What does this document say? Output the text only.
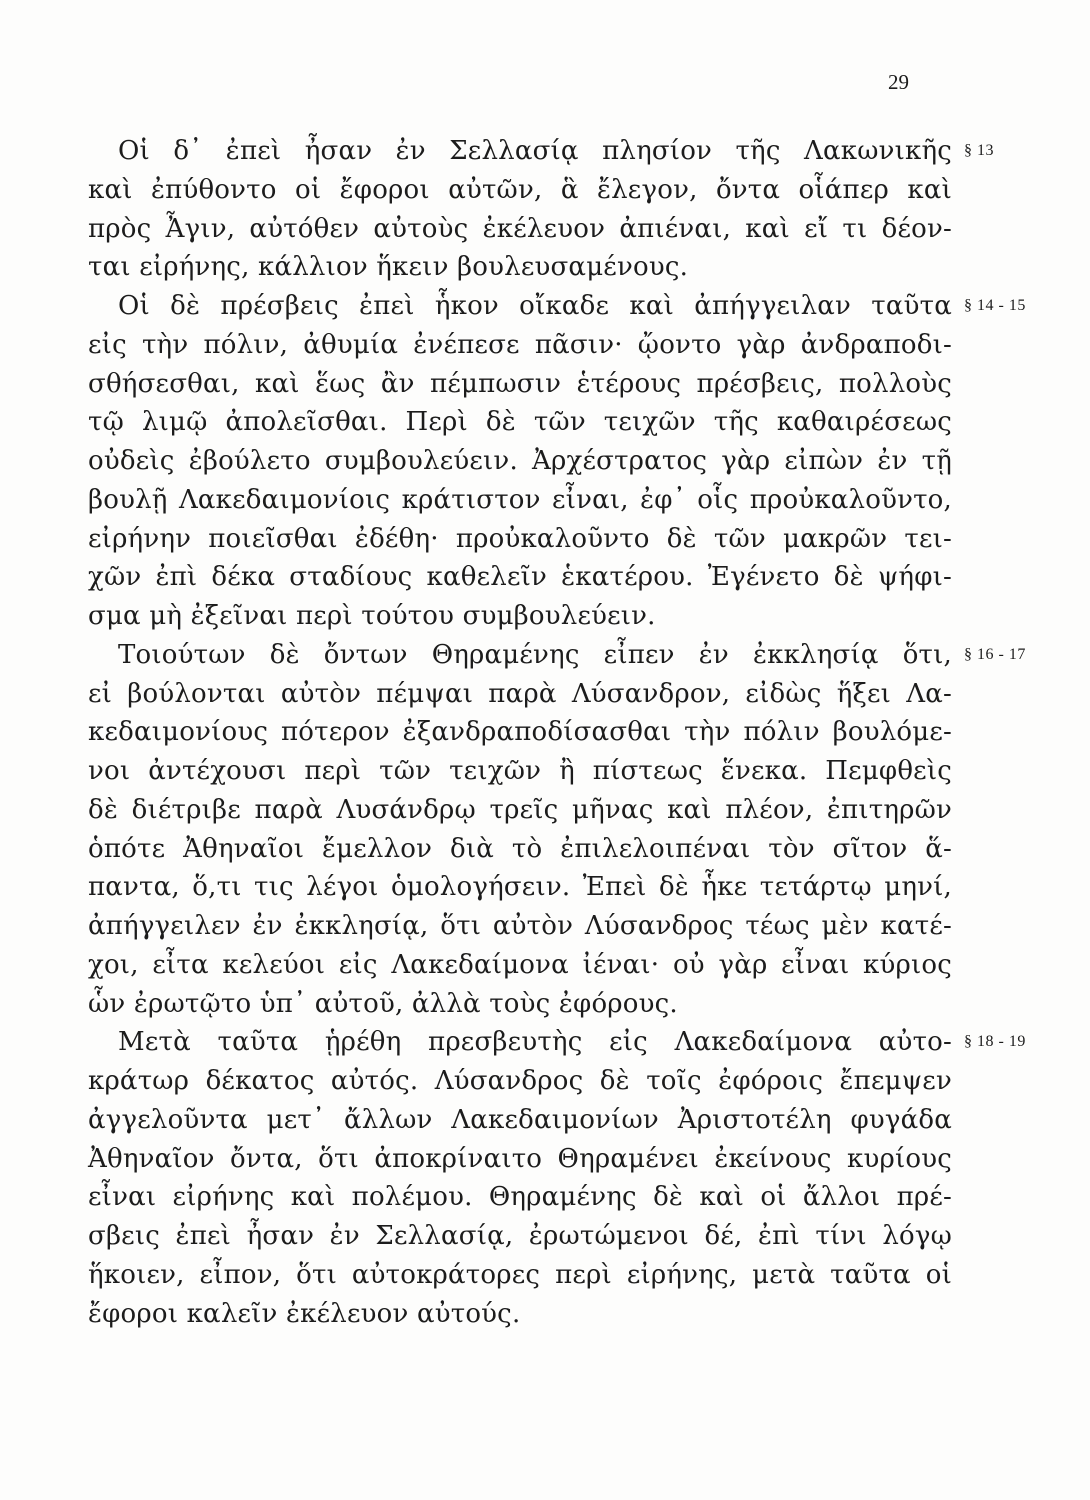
29
Οἱ δ᾽ ἐπεὶ ἦσαν ἐν Σελλασίᾳ πλησίον τῆς Λακωνικῆς § 13
καὶ ἐπύθοντο οἱ ἔφοροι αὐτῶν, ἃ ἔλεγον, ὄντα οἷάπερ καὶ
πρὸς Ἆγιν, αὐτόθεν αὐτοὺς ἐκέλευον ἀπιέναι, καὶ εἴ τι δέον-
ται εἰρήνης, κάλλιον ἥκειν βουλευσαμένους.
Οἱ δὲ πρέσβεις ἐπεὶ ἧκον οἴκαδε καὶ ἀπήγγειλαν ταῦτα § 14 - 15
εἰς τὴν πόλιν, ἀθυμία ἐνέπεσε πᾶσιν· ᾤοντο γὰρ ἀνδραποδι-
σθήσεσθαι, καὶ ἕως ἂν πέμπωσιν ἑτέρους πρέσβεις, πολλοὺς
τῷ λιμῷ ἀπολεῖσθαι. Περὶ δὲ τῶν τειχῶν τῆς καθαιρέσεως
οὐδεὶς ἐβούλετο συμβουλεύειν. Ἀρχέστρατος γὰρ εἰπὼν ἐν τῇ
βουλῇ Λακεδαιμονίοις κράτιστον εἶναι, ἐφ᾽ οἷς προὐκαλοῦντο,
εἰρήνην ποιεῖσθαι ἐδέθη· προὐκαλοῦντο δὲ τῶν μακρῶν τει-
χῶν ἐπὶ δέκα σταδίους καθελεῖν ἑκατέρου. Ἐγένετο δὲ ψήφι-
σμα μὴ ἐξεῖναι περὶ τούτου συμβουλεύειν.
Τοιούτων δὲ ὄντων Θηραμένης εἶπεν ἐν ἐκκλησίᾳ ὅτι, § 16 - 17
εἰ βούλονται αὐτὸν πέμψαι παρὰ Λύσανδρον, εἰδὼς ἥξει Λα-
κεδαιμονίους πότερον ἐξανδραποδίσασθαι τὴν πόλιν βουλόμε-
νοι ἀντέχουσι περὶ τῶν τειχῶν ἢ πίστεως ἕνεκα. Πεμφθεὶς
δὲ διέτριβε παρὰ Λυσάνδρῳ τρεῖς μῆνας καὶ πλέον, ἐπιτηρῶν
ὁπότε Ἀθηναῖοι ἔμελλον διὰ τὸ ἐπιλελοιπέναι τὸν σῖτον ἅ-
παντα, ὅ,τι τις λέγοι ὁμολογήσειν. Ἐπεὶ δὲ ἧκε τετάρτῳ μηνί,
ἀπήγγειλεν ἐν ἐκκλησίᾳ, ὅτι αὐτὸν Λύσανδρος τέως μὲν κατέ-
χοι, εἶτα κελεύοι εἰς Λακεδαίμονα ἰέναι· οὐ γὰρ εἶναι κύριος
ὧν ἐρωτῷτο ὑπ᾽ αὐτοῦ, ἀλλὰ τοὺς ἐφόρους.
Μετὰ ταῦτα ᾑρέθη πρεσβευτὴς εἰς Λακεδαίμονα αὐτο- § 18 - 19
κράτωρ δέκατος αὐτός. Λύσανδρος δὲ τοῖς ἐφόροις ἔπεμψεν
ἀγγελοῦντα μετ᾽ ἄλλων Λακεδαιμονίων Ἀριστοτέλη φυγάδα
Ἀθηναῖον ὄντα, ὅτι ἀποκρίναιτο Θηραμένει ἐκείνους κυρίους
εἶναι εἰρήνης καὶ πολέμου. Θηραμένης δὲ καὶ οἱ ἄλλοι πρέ-
σβεις ἐπεὶ ἦσαν ἐν Σελλασίᾳ, ἐρωτώμενοι δέ, ἐπὶ τίνι λόγῳ
ἥκοιεν, εἶπον, ὅτι αὐτοκράτορες περὶ εἰρήνης, μετὰ ταῦτα οἱ
ἔφοροι καλεῖν ἐκέλευον αὐτούς.
